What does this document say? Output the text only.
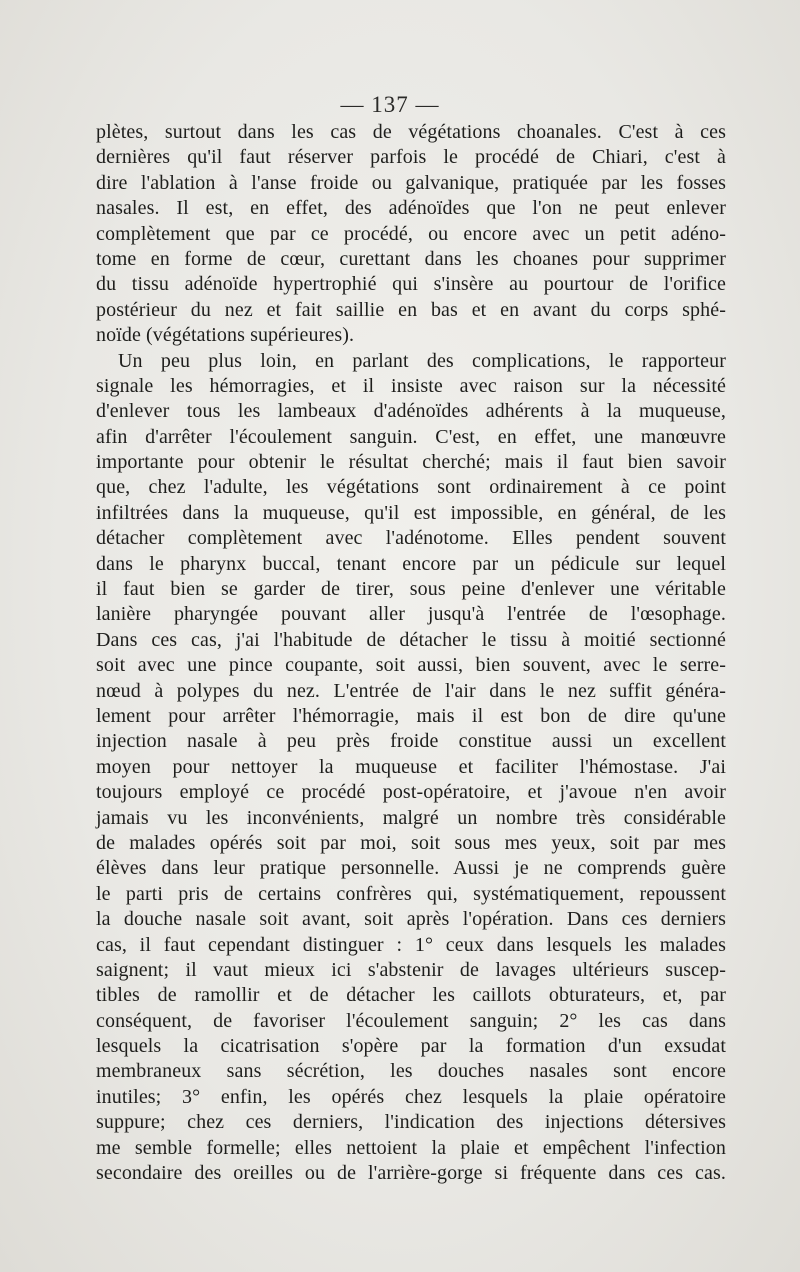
— 137 —
plètes, surtout dans les cas de végétations choanales. C'est à ces
dernières qu'il faut réserver parfois le procédé de Chiari, c'est à
dire l'ablation à l'anse froide ou galvanique, pratiquée par les fosses
nasales. Il est, en effet, des adénoïdes que l'on ne peut enlever
complètement que par ce procédé, ou encore avec un petit adéno-
tome en forme de cœur, curettant dans les choanes pour supprimer
du tissu adénoïde hypertrophié qui s'insère au pourtour de l'orifice
postérieur du nez et fait saillie en bas et en avant du corps sphé-
noïde (végétations supérieures).
Un peu plus loin, en parlant des complications, le rapporteur
signale les hémorragies, et il insiste avec raison sur la nécessité
d'enlever tous les lambeaux d'adénoïdes adhérents à la muqueuse,
afin d'arrêter l'écoulement sanguin. C'est, en effet, une manœuvre
importante pour obtenir le résultat cherché; mais il faut bien savoir
que, chez l'adulte, les végétations sont ordinairement à ce point
infiltrées dans la muqueuse, qu'il est impossible, en général, de les
détacher complètement avec l'adénotome. Elles pendent souvent
dans le pharynx buccal, tenant encore par un pédicule sur lequel
il faut bien se garder de tirer, sous peine d'enlever une véritable
lanière pharyngée pouvant aller jusqu'à l'entrée de l'œsophage.
Dans ces cas, j'ai l'habitude de détacher le tissu à moitié sectionné
soit avec une pince coupante, soit aussi, bien souvent, avec le serre-
nœud à polypes du nez. L'entrée de l'air dans le nez suffit généra-
lement pour arrêter l'hémorragie, mais il est bon de dire qu'une
injection nasale à peu près froide constitue aussi un excellent
moyen pour nettoyer la muqueuse et faciliter l'hémostase. J'ai
toujours employé ce procédé post-opératoire, et j'avoue n'en avoir
jamais vu les inconvénients, malgré un nombre très considérable
de malades opérés soit par moi, soit sous mes yeux, soit par mes
élèves dans leur pratique personnelle. Aussi je ne comprends guère
le parti pris de certains confrères qui, systématiquement, repoussent
la douche nasale soit avant, soit après l'opération. Dans ces derniers
cas, il faut cependant distinguer : 1° ceux dans lesquels les malades
saignent; il vaut mieux ici s'abstenir de lavages ultérieurs suscep-
tibles de ramollir et de détacher les caillots obturateurs, et, par
conséquent, de favoriser l'écoulement sanguin; 2° les cas dans
lesquels la cicatrisation s'opère par la formation d'un exsudat
membraneux sans sécrétion, les douches nasales sont encore
inutiles; 3° enfin, les opérés chez lesquels la plaie opératoire
suppure; chez ces derniers, l'indication des injections détersives
me semble formelle; elles nettoient la plaie et empêchent l'infection
secondaire des oreilles ou de l'arrière-gorge si fréquente dans ces cas.
